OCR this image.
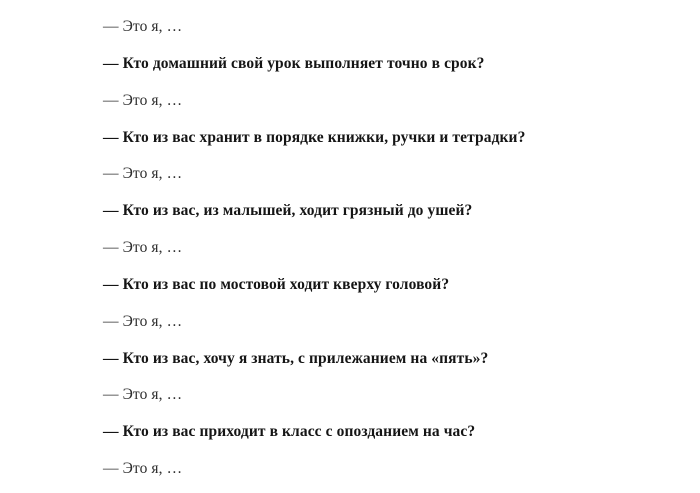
— Это я, …

— Кто домашний свой урок выполняет точно в срок?

— Это я, …

— Кто из вас хранит в порядке книжки, ручки и тетрадки?

— Это я, …

— Кто из вас, из малышей, ходит грязный до ушей?

— Это я, …

— Кто из вас по мостовой ходит кверху головой?

— Это я, …

— Кто из вас, хочу я знать, с прилежанием на «пять»?

— Это я, …

— Кто из вас приходит в класс с опозданием на час?

— Это я, …
